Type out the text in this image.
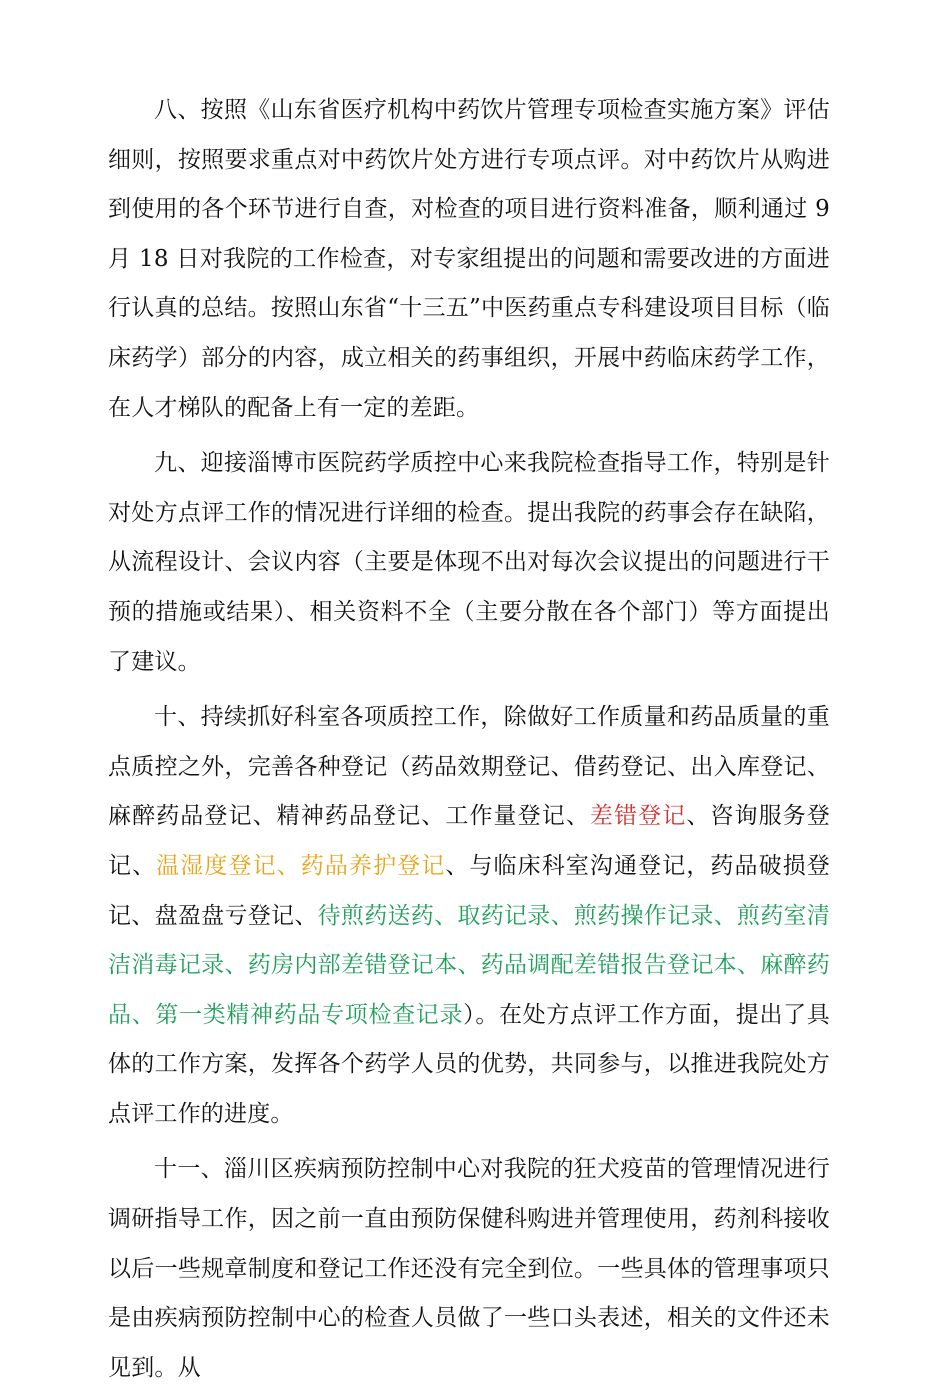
八、按照《山东省医疗机构中药饮片管理专项检查实施方案》评估细则，按照要求重点对中药饮片处方进行专项点评。对中药饮片从购进到使用的各个环节进行自查，对检查的项目进行资料准备，顺利通过 9 月 18 日对我院的工作检查，对专家组提出的问题和需要改进的方面进行认真的总结。按照山东省“十三五”中医药重点专科建设项目目标（临床药学）部分的内容，成立相关的药事组织，开展中药临床药学工作，在人才梯队的配备上有一定的差距。

九、迎接淄博市医院药学质控中心来我院检查指导工作，特别是针对处方点评工作的情况进行详细的检查。提出我院的药事会存在缺陷，从流程设计、会议内容（主要是体现不出对每次会议提出的问题进行干预的措施或结果）、相关资料不全（主要分散在各个部门）等方面提出了建议。

十、持续抓好科室各项质控工作，除做好工作质量和药品质量的重点质控之外，完善各种登记（药品效期登记、借药登记、出入库登记、麻醉药品登记、精神药品登记、工作量登记、差错登记、咨询服务登记、温湿度登记、药品养护登记、与临床科室沟通登记，药品破损登记、盘盈盘亏登记、待煎药送药、取药记录、煎药操作记录、煎药室清洁消毒记录、药房内部差错登记本、药品调配差错报告登记本、麻醉药品、第一类精神药品专项检查记录）。在处方点评工作方面，提出了具体的工作方案，发挥各个药学人员的优势，共同参与，以推进我院处方点评工作的进度。

十一、淄川区疾病预防控制中心对我院的狂犬疫苗的管理情况进行调研指导工作，因之前一直由预防保健科购进并管理使用，药剂科接收以后一些规章制度和登记工作还没有完全到位。一些具体的管理事项只是由疾病预防控制中心的检查人员做了一些口头表述，相关的文件还未见到。从
